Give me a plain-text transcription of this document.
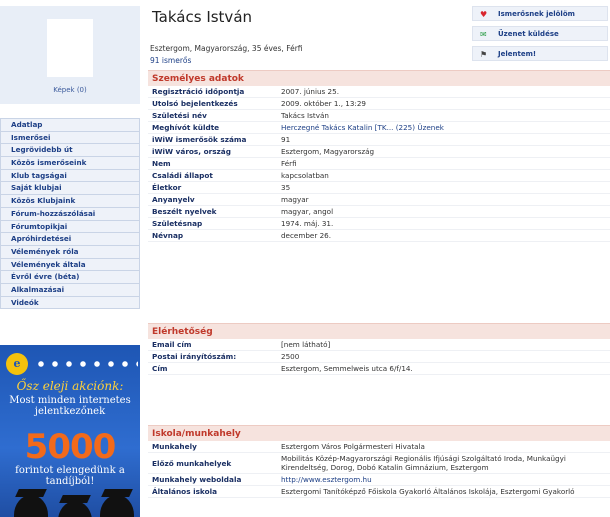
Képek (0)
Adatlap
Ismerősei
Legrövidebb út
Közös ismerőseink
Klub tagságai
Saját klubjai
Közös Klubjaink
Fórum-hozzászólásai
Fórumtopikjai
Apróhirdetései
Vélemények róla
Vélemények általa
Évről évre (béta)
Alkalmazásai
Videók
e
Ősz eleji akciónk:
Most minden internetes jelentkezőnek
5000
forintot elengedünk a tandíjból!
Takács István
Esztergom, Magyarország, 35 éves, Férfi
91 ismerős
♥ Ismerősnek jelölöm
✉ Üzenet küldése
⚑ Jelentem!
Személyes adatok
Regisztráció időpontja	2007. június 25.
Utolsó bejelentkezés	2009. október 1., 13:29
Születési név	Takács István
Meghívót küldte	Herczegné Takács Katalin [TK... (225) Üzenek
iWiW ismerősök száma	91
iWiW város, ország	Esztergom, Magyarország
Nem	Férfi
Családi állapot	kapcsolatban
Életkor	35
Anyanyelv	magyar
Beszélt nyelvek	magyar, angol
Születésnap	1974. máj. 31.
Névnap	december 26.
Elérhetőség
Email cím	[nem látható]
Postai irányítószám:	2500
Cím	Esztergom, Semmelweis utca 6/f/14.
Iskola/munkahely
Munkahely	Esztergom Város Polgármesteri Hivatala
Előző munkahelyek	Mobilitás Közép-Magyarországi Regionális Ifjúsági Szolgáltató Iroda, Munkaügyi Kirendeltség, Dorog, Dobó Katalin Gimnázium, Esztergom
Munkahely weboldala	http://www.esztergom.hu
Általános iskola	Esztergomi Tanítóképző Főiskola Gyakorló Általános Iskolája, Esztergomi Gyakorló
